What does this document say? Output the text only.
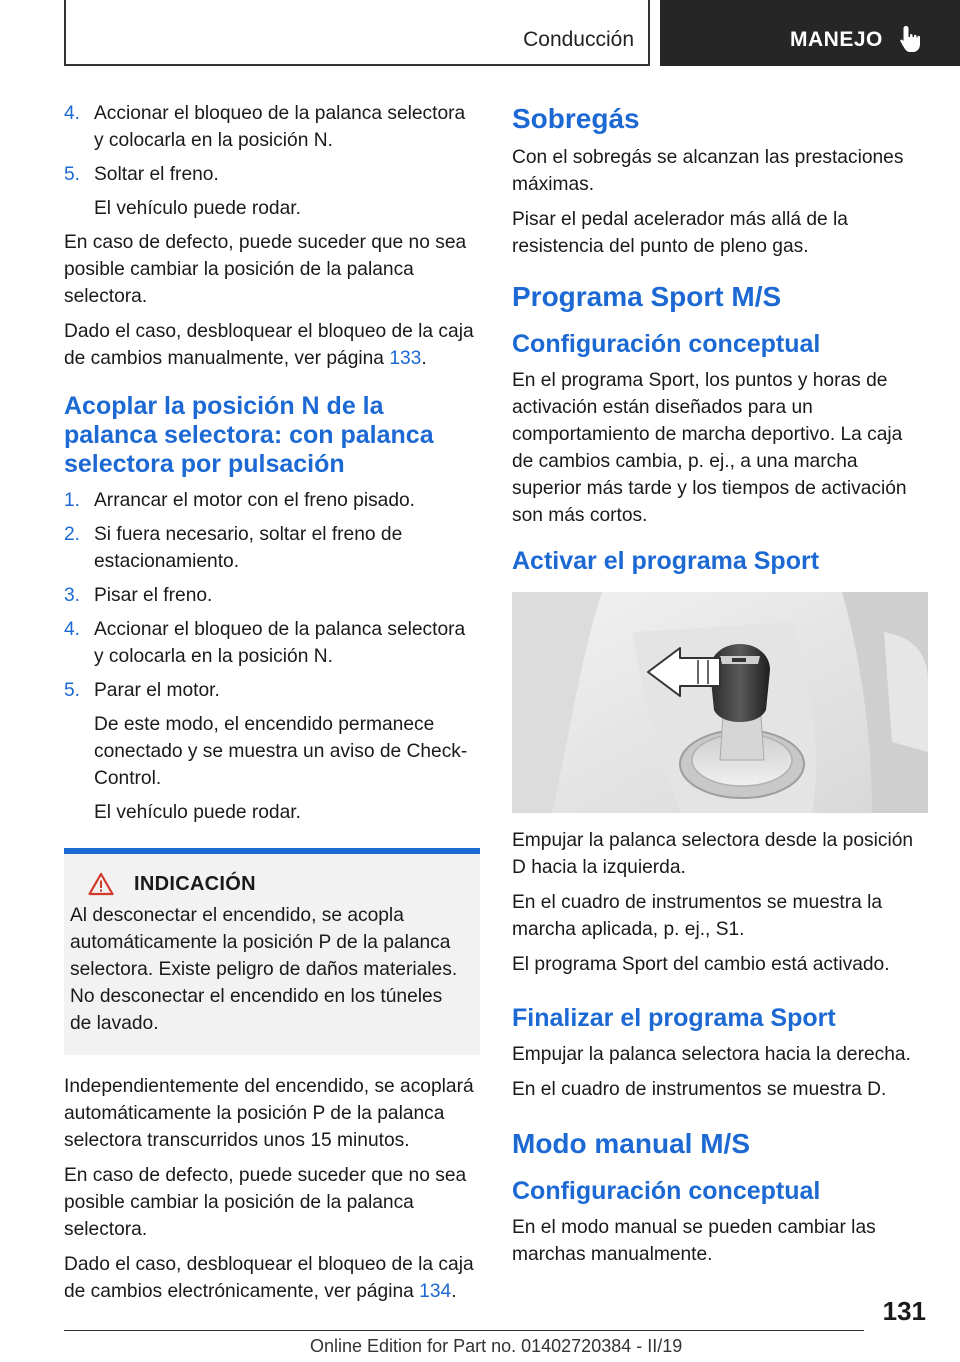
Conducción	MANEJO
4. Accionar el bloqueo de la palanca selectora y colocarla en la posición N.
5. Soltar el freno.
El vehículo puede rodar.

En caso de defecto, puede suceder que no sea posible cambiar la posición de la palanca selectora.

Dado el caso, desbloquear el bloqueo de la caja de cambios manualmente, ver página 133.

Acoplar la posición N de la palanca selectora: con palanca selectora por pulsación
1. Arrancar el motor con el freno pisado.
2. Si fuera necesario, soltar el freno de estacionamiento.
3. Pisar el freno.
4. Accionar el bloqueo de la palanca selectora y colocarla en la posición N.
5. Parar el motor.
De este modo, el encendido permanece conectado y se muestra un aviso de Check-Control.
El vehículo puede rodar.
INDICACIÓN

Al desconectar el encendido, se acopla automáticamente la posición P de la palanca selectora. Existe peligro de daños materiales. No desconectar el encendido en los túneles de lavado.

Independientemente del encendido, se acoplará automáticamente la posición P de la palanca selectora transcurridos unos 15 minutos.

En caso de defecto, puede suceder que no sea posible cambiar la posición de la palanca selectora.

Dado el caso, desbloquear el bloqueo de la caja de cambios electrónicamente, ver página 134.

Sobregás

Con el sobregás se alcanzan las prestaciones máximas.

Pisar el pedal acelerador más allá de la resistencia del punto de pleno gas.

Programa Sport M/S
Configuración conceptual

En el programa Sport, los puntos y horas de activación están diseñados para un comportamiento de marcha deportivo. La caja de cambios cambia, p. ej., a una marcha superior más tarde y los tiempos de activación son más cortos.

Activar el programa Sport

Empujar la palanca selectora desde la posición D hacia la izquierda.

En el cuadro de instrumentos se muestra la marcha aplicada, p. ej., S1.

El programa Sport del cambio está activado.

Finalizar el programa Sport

Empujar la palanca selectora hacia la derecha.

En el cuadro de instrumentos se muestra D.

Modo manual M/S
Configuración conceptual

En el modo manual se pueden cambiar las marchas manualmente.

131
Online Edition for Part no. 01402720384 - II/19
